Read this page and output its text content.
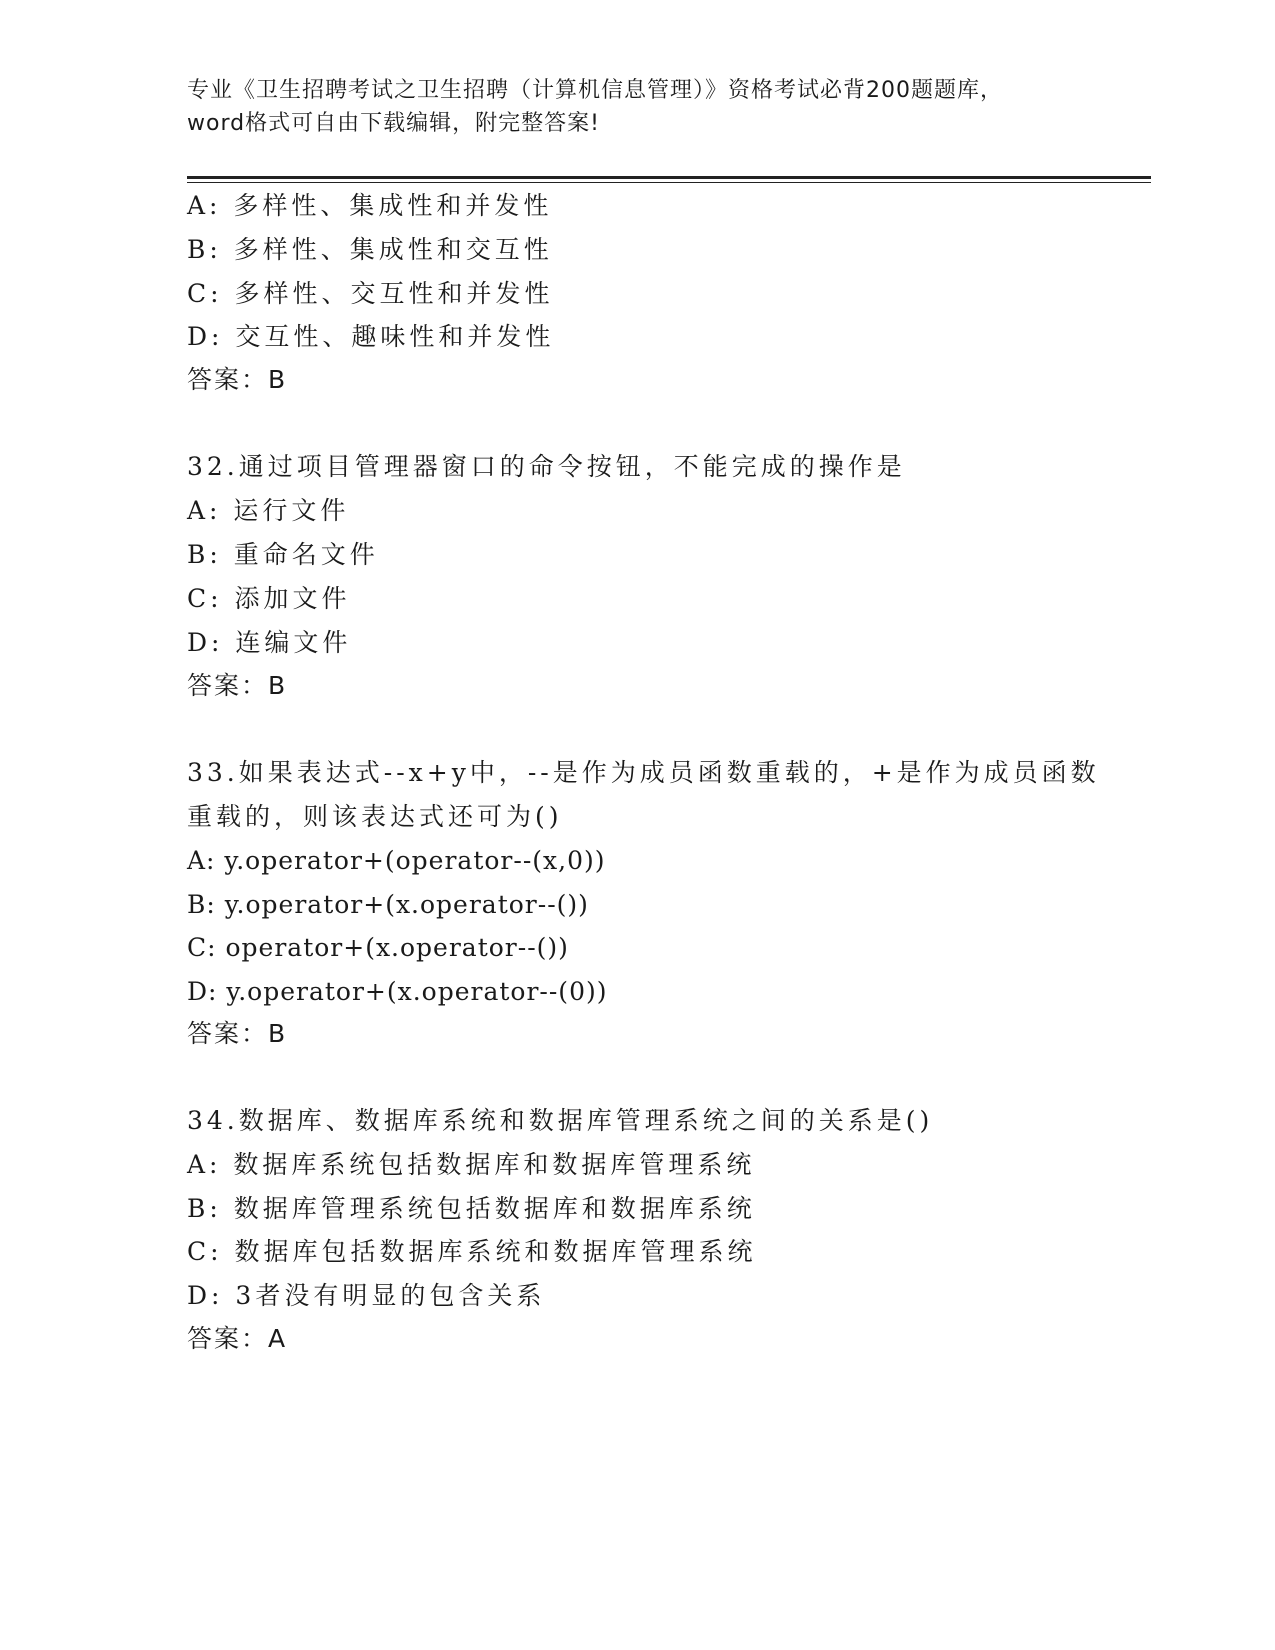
专业《卫生招聘考试之卫生招聘（计算机信息管理）》资格考试必背200题题库，
word格式可自由下载编辑，附完整答案!
A: 多样性、集成性和并发性
B: 多样性、集成性和交互性
C: 多样性、交互性和并发性
D: 交互性、趣味性和并发性
答案：B
32.通过项目管理器窗口的命令按钮，不能完成的操作是
A: 运行文件
B: 重命名文件
C: 添加文件
D: 连编文件
答案：B
33.如果表达式--x+y中，--是作为成员函数重载的，+是作为成员函数
重载的，则该表达式还可为()
A: y.operator+(operator--(x,0))
B: y.operator+(x.operator--())
C: operator+(x.operator--())
D: y.operator+(x.operator--(0))
答案：B
34.数据库、数据库系统和数据库管理系统之间的关系是()
A: 数据库系统包括数据库和数据库管理系统
B: 数据库管理系统包括数据库和数据库系统
C: 数据库包括数据库系统和数据库管理系统
D: 3者没有明显的包含关系
答案：A
